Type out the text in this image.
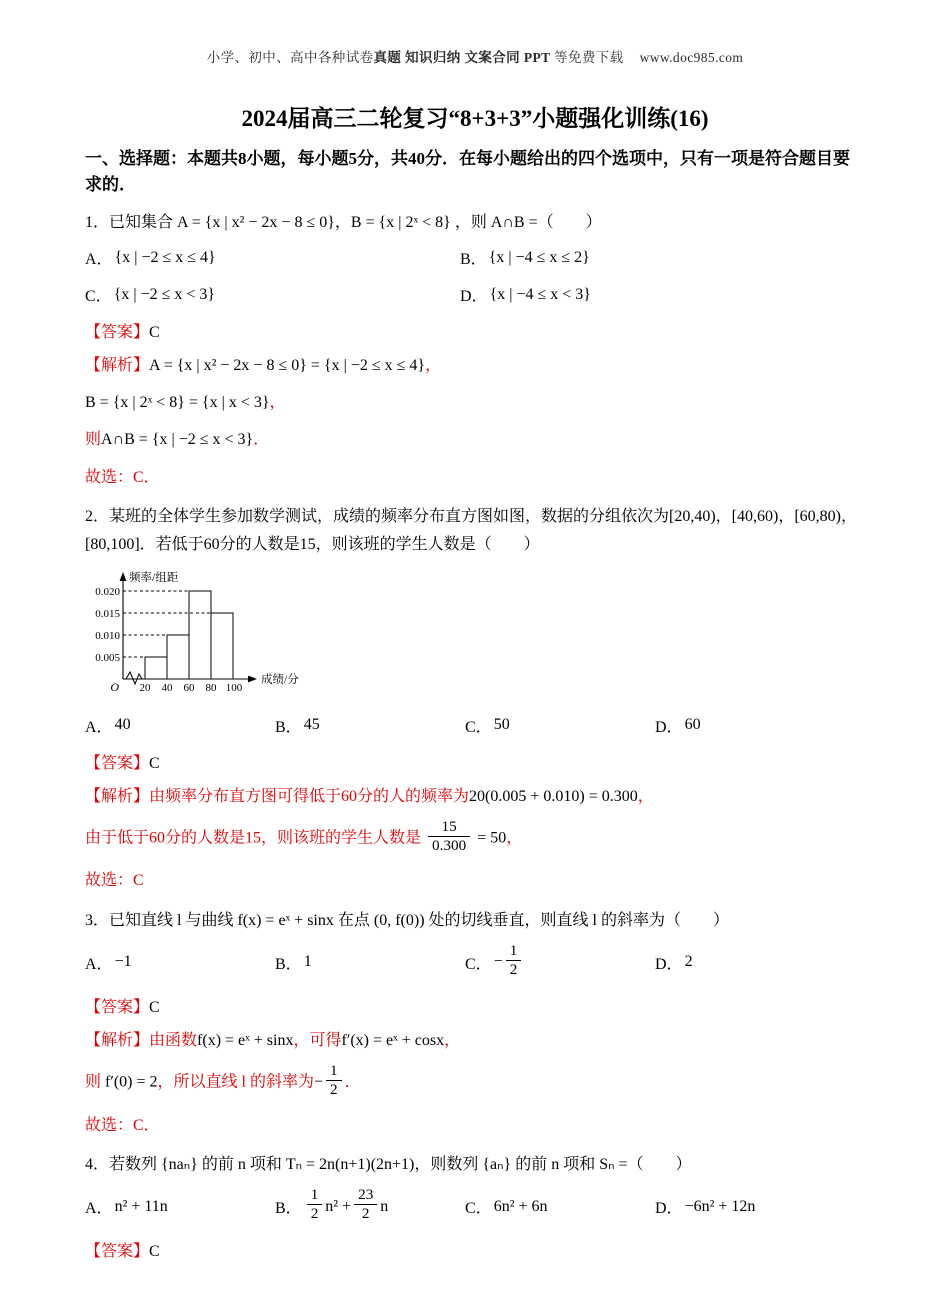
小学、初中、高中各种试卷真题 知识归纳 文案合同 PPT 等免费下载 www.doc985.com
2024届高三二轮复习“8+3+3”小题强化训练(16)

一、选择题：本题共8小题，每小题5分，共40分．在每小题给出的四个选项中，只有一项是符合题目要求的．

1．已知集合 A = {x | x² − 2x − 8 ≤ 0}，B = {x | 2ˣ < 8} ，则 A∩B =（　　）

A． {x | −2 ≤ x ≤ 4}	B． {x | −4 ≤ x ≤ 2}
C． {x | −2 ≤ x < 3}	D． {x | −4 ≤ x < 3}

【答案】C

【解析】A = {x | x² − 2x − 8 ≤ 0} = {x | −2 ≤ x ≤ 4}，

B = {x | 2ˣ < 8} = {x | x < 3}，

则A∩B = {x | −2 ≤ x < 3}．

故选：C．

2．某班的全体学生参加数学测试，成绩的频率分布直方图如图，数据的分组依次为[20,40)，[40,60)，[60,80)，[80,100]．若低于60分的人数是15，则该班的学生人数是（　　）

频率/组距
成绩/分
O
0.020
0.015
0.010
0.005
20 40 60 80 100
A． 40	B． 45	C． 50	D． 60

【答案】C

【解析】由频率分布直方图可得低于60分的人的频率为20(0.005 + 0.010) = 0.300，

由于低于60分的人数是15，则该班的学生人数是 $\frac{15}{0.300} = 50$，

故选：C

3．已知直线 l 与曲线 f(x) = eˣ + sinx 在点 (0, f(0)) 处的切线垂直，则直线 l 的斜率为（　　）

A． −1	B． 1	C． − $\frac{1}{2}$	D． 2

【答案】C

【解析】由函数f(x) = eˣ + sinx，可得f′(x) = eˣ + cosx，

则 f′(0) = 2，所以直线 l 的斜率为− $\frac{1}{2}$ ．

故选：C．

4．若数列 {naₙ} 的前 n 项和 Tₙ = 2n(n+1)(2n+1)，则数列 {aₙ} 的前 n 项和 Sₙ =（　　）

A． n² + 11n	B． $\frac{1}{2} n^2 + \frac{23}{2}$ n	C． 6n² + 6n	D． −6n² + 12n

【答案】C
